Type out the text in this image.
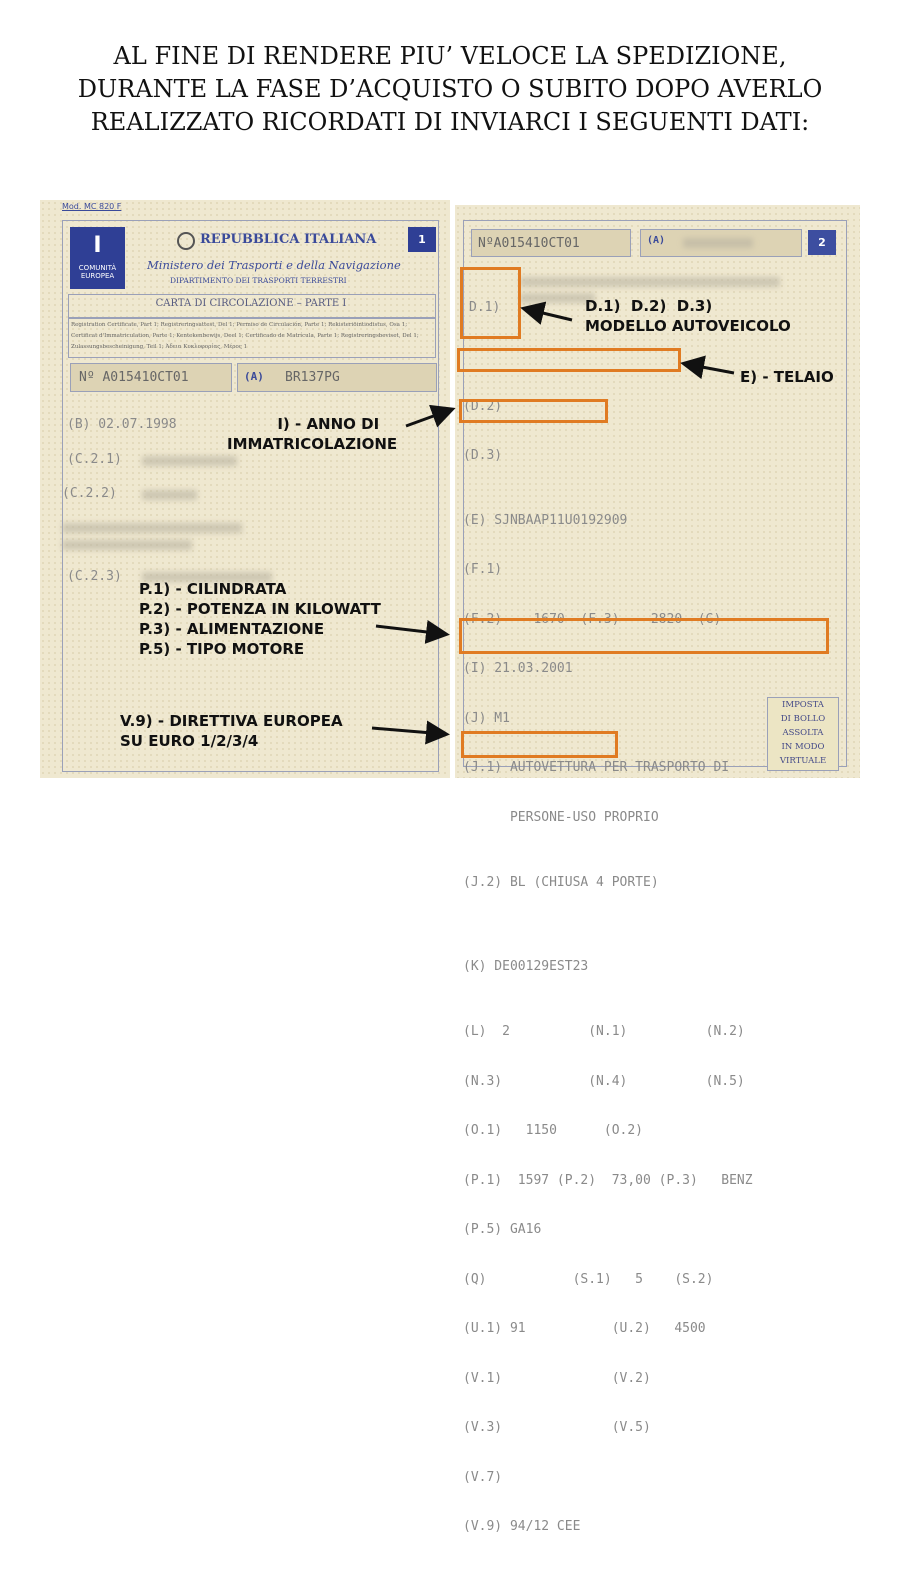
AL FINE DI RENDERE PIU’ VELOCE LA SPEDIZIONE,
DURANTE LA FASE D’ACQUISTO O SUBITO DOPO AVERLO
REALIZZATO RICORDATI DI INVIARCI I SEGUENTI DATI:
Mod. MC 820 F
I
COMUNITÀ
EUROPEA
REPUBBLICA ITALIANA
Ministero dei Trasporti e della Navigazione
DIPARTIMENTO DEI TRASPORTI TERRESTRI
1
CARTA DI CIRCOLAZIONE – PARTE I
Registration Certificate, Part 1; Registreringsattest, Del 1; Permiso de Circulación, Parte 1; Rekisteriöintiodistus, Osa 1; Certificat d'Immatriculation, Parte 1; Kentekenbewijs, Deel 1; Certificado de Matrícula, Parte 1; Registreringsbeviset, Del 1; Zulassungsbescheinigung, Teil 1; Άδεια Κυκλοφορίας, Μέρος 1
Nº A015410CT01	(A) BR137PG
(B) 02.07.1998
(C.2.1)
(C.2.2)
(C.2.3)
NºA015410CT01	(A)	2

D.1)

(D.2)

(D.3)

(E) SJNBAAP11U0192909

(F.1)

(F.2)    1670  (F.3)    2820  (G)

(I) 21.03.2001

(J) M1

(J.1) AUTOVETTURA PER TRASPORTO DI

PERSONE-USO PROPRIO

(J.2) BL (CHIUSA 4 PORTE)

(K) DE00129EST23

(L)  2          (N.1)          (N.2)

(N.3)           (N.4)          (N.5)

(O.1)   1150      (O.2)

(P.1)  1597 (P.2)  73,00 (P.3)   BENZ

(P.5) GA16

(Q)           (S.1)   5    (S.2)

(U.1) 91           (U.2)   4500

(V.1)              (V.2)

(V.3)              (V.5)

(V.7)

(V.9) 94/12 CEE

IMPOSTA
DI BOLLO
ASSOLTA
IN MODO
VIRTUALE
D.1)  D.2)  D.3)
MODELLO AUTOVEICOLO
E) - TELAIO
I) - ANNO DI
IMMATRICOLAZIONE
P.1) - CILINDRATA
P.2) - POTENZA IN KILOWATT
P.3) - ALIMENTAZIONE
P.5) - TIPO MOTORE
V.9) - DIRETTIVA EUROPEA
SU EURO 1/2/3/4
